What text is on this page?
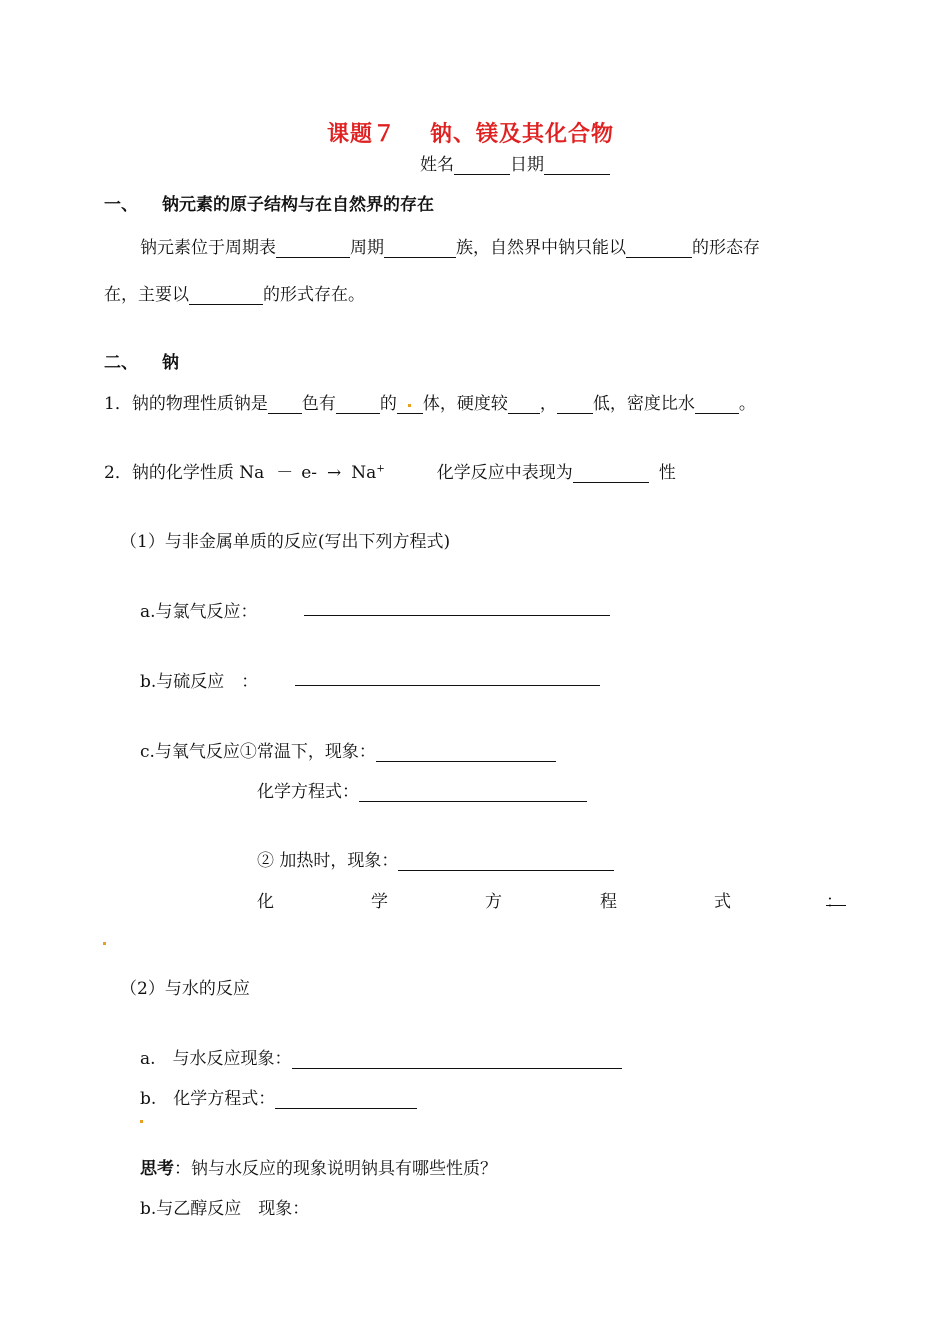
课题７ 钠、镁及其化合物
姓名	日期
一、 钠元素的原子结构与在自然界的存在
钠元素位于周期表	周期	族，自然界中钠只能以	的形态存
在，主要以	的形式存在。
二、 钠
1．钠的物理性质钠是 色有	的 体，硬度较 ， 低，密度比水	。
2．钠的化学性质 Na － e- → Na+	化学反应中表现为	性
（1）与非金属单质的反应(写出下列方程式)
a.与氯气反应：
b.与硫反应　：
c.与氧气反应①常温下，现象：
化学方程式：
② 加热时，现象：
化	学	方	程	式	：
（2）与水的反应
a.　与水反应现象：
b.　化学方程式：
思考：钠与水反应的现象说明钠具有哪些性质？
b.与乙醇反应　现象：
